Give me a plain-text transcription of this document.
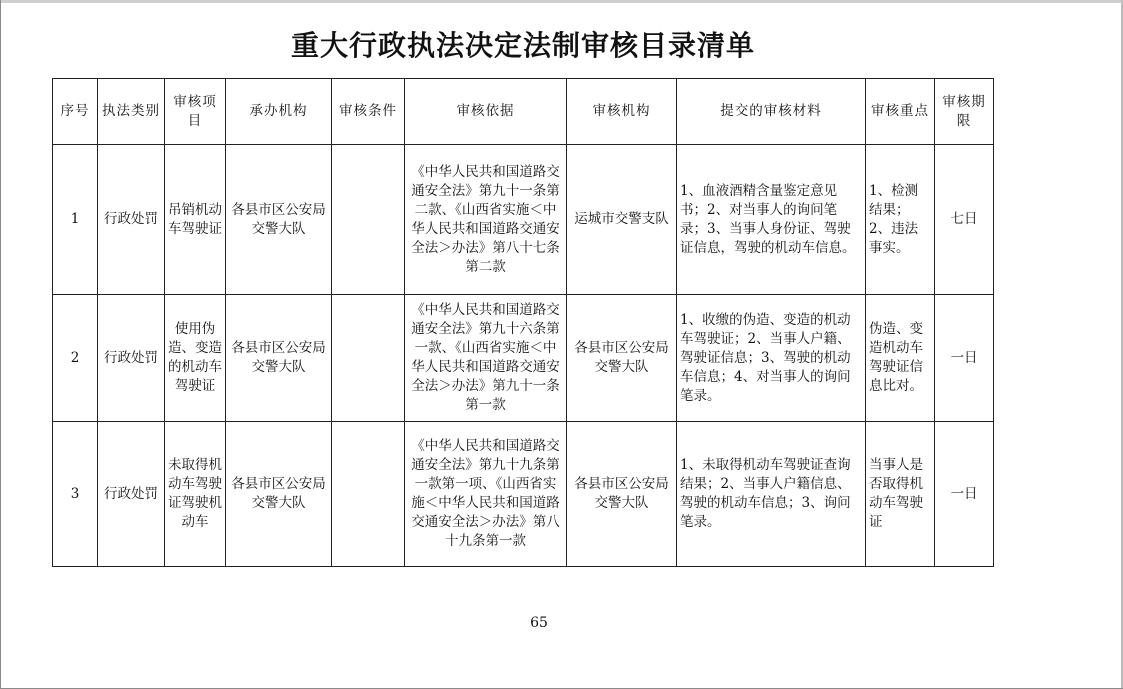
重大行政执法决定法制审核目录清单
序号	执法类别	审核项目	承办机构	审核条件	审核依据	审核机构	提交的审核材料	审核重点	审核期限
1	行政处罚	吊销机动车驾驶证	各县市区公安局交警大队		《中华人民共和国道路交通安全法》第九十一条第二款、《山西省实施＜中华人民共和国道路交通安全法＞办法》第八十七条第二款	运城市交警支队	1、血液酒精含量鉴定意见书；2、对当事人的询问笔录；3、当事人身份证、驾驶证信息，驾驶的机动车信息。	1、检测结果；2、违法事实。	七日
2	行政处罚	使用伪造、变造的机动车驾驶证	各县市区公安局交警大队		《中华人民共和国道路交通安全法》第九十六条第一款、《山西省实施＜中华人民共和国道路交通安全法＞办法》第九十一条第一款	各县市区公安局交警大队	1、收缴的伪造、变造的机动车驾驶证；2、当事人户籍、驾驶证信息；3、驾驶的机动车信息；4、对当事人的询问笔录。	伪造、变造机动车驾驶证信息比对。	一日
3	行政处罚	未取得机动车驾驶证驾驶机动车	各县市区公安局交警大队		《中华人民共和国道路交通安全法》第九十九条第一款第一项、《山西省实施＜中华人民共和国道路交通安全法＞办法》第八十九条第一款	各县市区公安局交警大队	1、未取得机动车驾驶证查询结果；2、当事人户籍信息、驾驶的机动车信息；3、询问笔录。	当事人是否取得机动车驾驶证	一日
65
